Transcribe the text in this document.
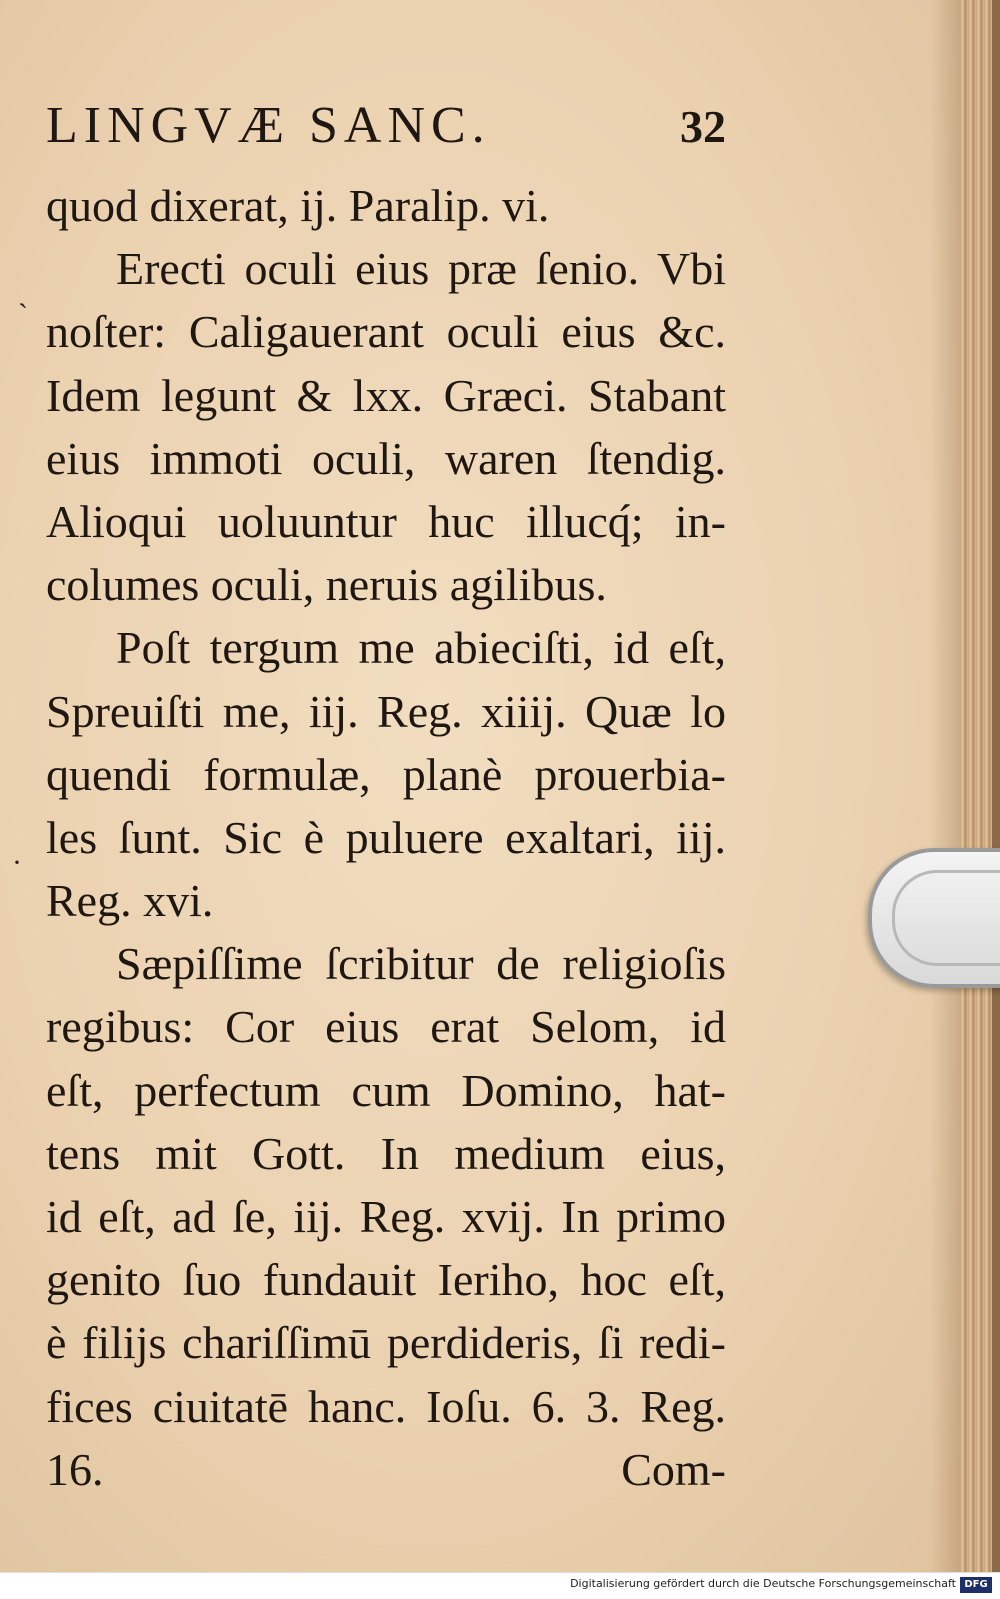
LINGVÆ SANC.	32
quod dixerat, ij. Paralip. vi.
Erecti oculi eius præ ſenio. Vbi
noſter: Caligauerant oculi eius &c.
Idem legunt & lxx. Græci. Stabant
eius immoti oculi, waren ſtendig.
Alioqui uoluuntur huc illucq́; in-
columes oculi, neruis agilibus.
Poſt tergum me abieciſti, id eſt,
Spreuiſti me, iij. Reg. xiiij. Quæ lo
quendi formulæ, planè prouerbia-
les ſunt. Sic è puluere exaltari, iij.
Reg. xvi.
Sæpiſſime ſcribitur de religioſis
regibus: Cor eius erat Selom, id
eſt, perfectum cum Domino, hat-
tens mit Gott. In medium eius,
id eſt, ad ſe, iij. Reg. xvij. In primo
genito ſuo fundauit Ieriho, hoc eſt,
è filijs chariſſimū perdideris, ſi redi-
fices ciuitatē hanc. Ioſu. 6. 3. Reg.
16.	Com-
`
·
Digitalisierung gefördert durch die Deutsche Forschungsgemeinschaft DFG
